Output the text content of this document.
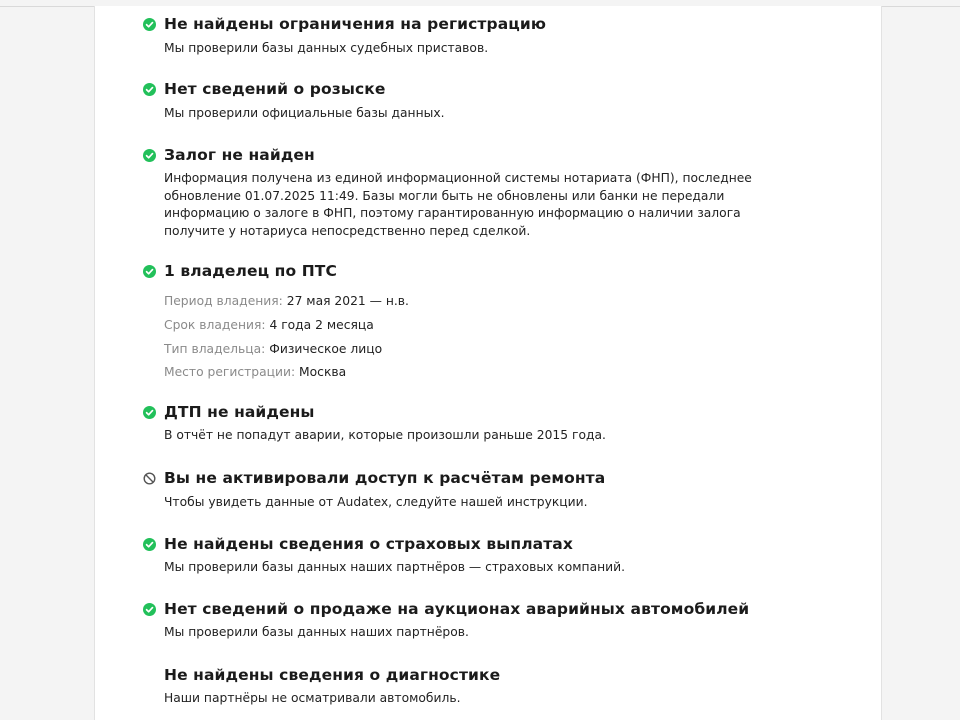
Не найдены ограничения на регистрацию
Мы проверили базы данных судебных приставов.
Нет сведений о розыске
Мы проверили официальные базы данных.
Залог не найден
Информация получена из единой информационной системы нотариата (ФНП), последнее обновление 01.07.2025 11:49. Базы могли быть не обновлены или банки не передали информацию о залоге в ФНП, поэтому гарантированную информацию о наличии залога получите у нотариуса непосредственно перед сделкой.
1 владелец по ПТС
Период владения: 27 мая 2021 — н.в.
Срок владения: 4 года 2 месяца
Тип владельца: Физическое лицо
Место регистрации: Москва
ДТП не найдены
В отчёт не попадут аварии, которые произошли раньше 2015 года.
Вы не активировали доступ к расчётам ремонта
Чтобы увидеть данные от Audatex, следуйте нашей инструкции.
Не найдены сведения о страховых выплатах
Мы проверили базы данных наших партнёров — страховых компаний.
Нет сведений о продаже на аукционах аварийных автомобилей
Мы проверили базы данных наших партнёров.
Не найдены сведения о диагностике
Наши партнёры не осматривали автомобиль.
